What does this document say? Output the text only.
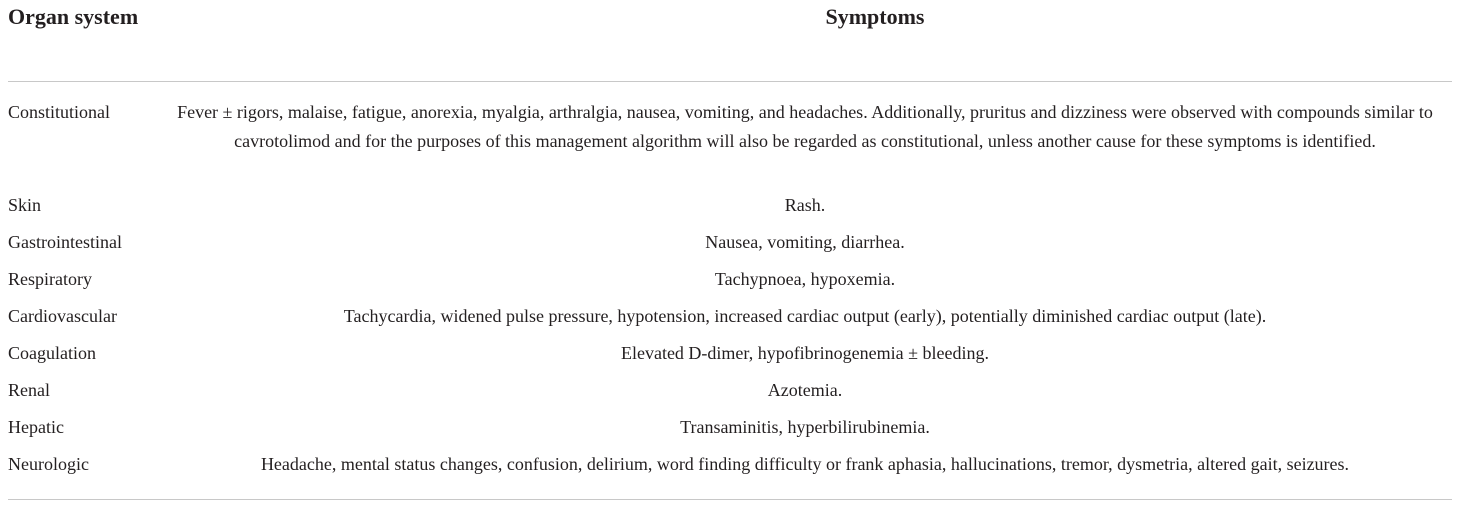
Organ system	Symptoms
Constitutional	Fever ± rigors, malaise, fatigue, anorexia, myalgia, arthralgia, nausea, vomiting, and headaches. Additionally, pruritus and dizziness were observed with compounds similar to cavrotolimod and for the purposes of this management algorithm will also be regarded as constitutional, unless another cause for these symptoms is identified.
Skin	Rash.
Gastrointestinal	Nausea, vomiting, diarrhea.
Respiratory	Tachypnoea, hypoxemia.
Cardiovascular	Tachycardia, widened pulse pressure, hypotension, increased cardiac output (early), potentially diminished cardiac output (late).
Coagulation	Elevated D-dimer, hypofibrinogenemia ± bleeding.
Renal	Azotemia.
Hepatic	Transaminitis, hyperbilirubinemia.
Neurologic	Headache, mental status changes, confusion, delirium, word finding difficulty or frank aphasia, hallucinations, tremor, dysmetria, altered gait, seizures.
